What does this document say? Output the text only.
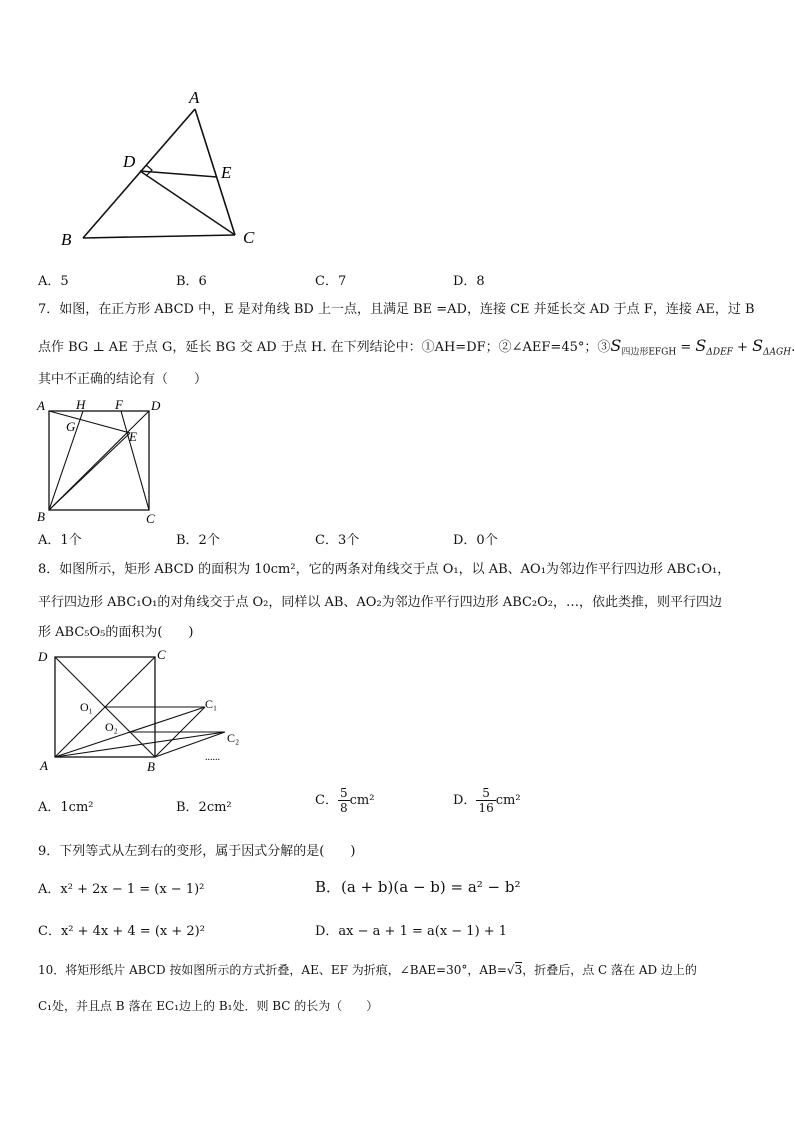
A
D
E
B	C
A．5	B．6	C．7	D．8
7．如图，在正方形 ABCD 中，E 是对角线 BD 上一点，且满足 BE =AD，连接 CE 并延长交 AD 于点 F，连接 AE，过 B
点作 BG ⊥ AE 于点 G，延长 BG 交 AD 于点 H. 在下列结论中：①AH=DF；②∠AEF=45°；$③S_{四边形EFGH} = S_{\Delta DEF} + S_{\Delta AGH}$.
其中不正确的结论有（　　）
A H F D
G
E
B	C
A．1个	B．2个	C．3个	D．0个
8．如图所示，矩形 ABCD 的面积为 10cm²，它的两条对角线交于点 O₁，以 AB、AO₁为邻边作平行四边形 ABC₁O₁，
平行四边形 ABC₁O₁的对角线交于点 O₂，同样以 AB、AO₂为邻边作平行四边形 ABC₂O₂，…，依此类推，则平行四边
形 ABC₅O₅的面积为(　　)
D	C
O₁	C₁
O₂
C₂
A	B
......
A．1cm²	B．2cm²	C． $\frac{5}{8} cm^2$	D． $\frac{5}{16} cm^2$
9．下列等式从左到右的变形，属于因式分解的是(　　)
A．x² + 2x − 1 = (x − 1)²	B．(a + b)(a − b) = a² − b²
C．x² + 4x + 4 = (x + 2)²	D．ax − a + 1 = a(x − 1) + 1
10．将矩形纸片 ABCD 按如图所示的方式折叠，AE、EF 为折痕，∠BAE=30°，AB=√3，折叠后，点 C 落在 AD 边上的
C₁处，并且点 B 落在 EC₁边上的 B₁处．则 BC 的长为（　　）
